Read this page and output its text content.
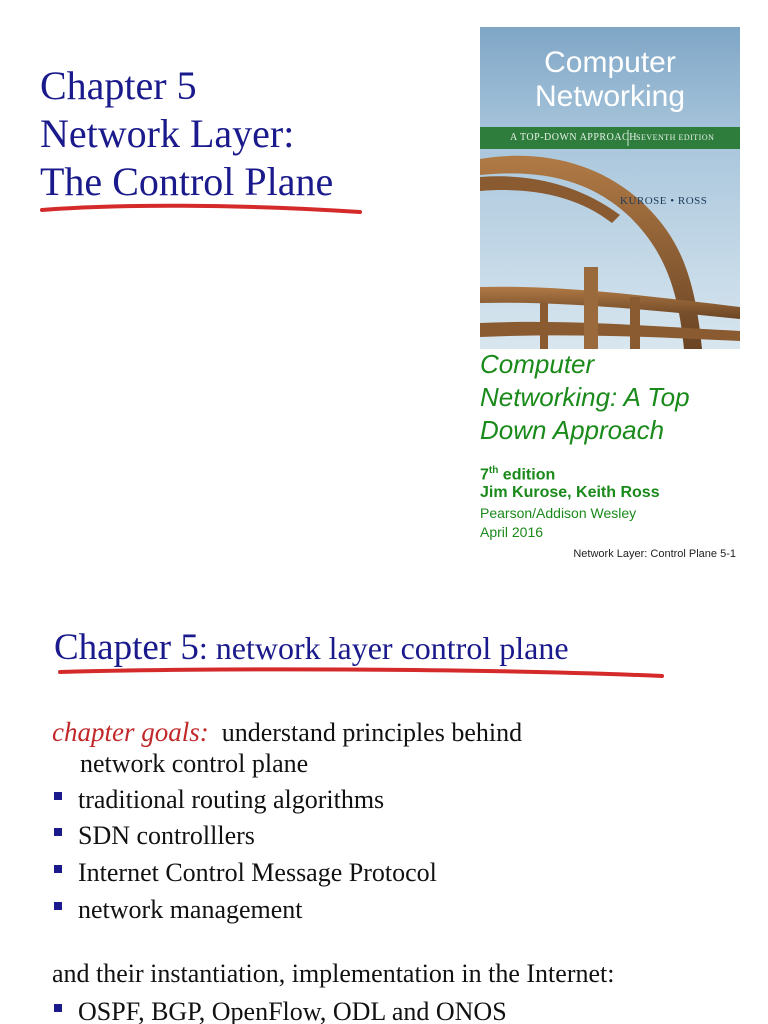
Chapter 5
Network Layer:
The Control Plane
Computer
Networking
A TOP-DOWN APPROACH SEVENTH EDITION
KUROSE • ROSS
Computer
Networking: A Top
Down Approach
7th edition
Jim Kurose, Keith Ross
Pearson/Addison Wesley
April 2016
Network Layer: Control Plane 5-1
Chapter 5: network layer control plane
chapter goals: understand principles behind
network control plane
traditional routing algorithms
SDN controlllers
Internet Control Message Protocol
network management
and their instantiation, implementation in the Internet:
OSPF, BGP, OpenFlow, ODL and ONOS
